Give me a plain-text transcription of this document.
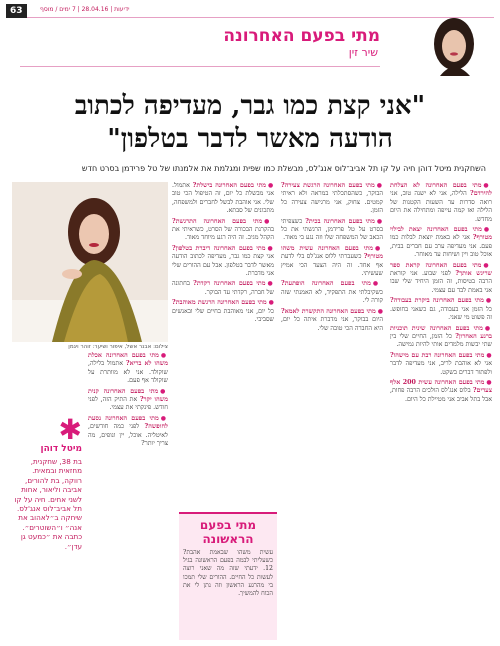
63	ידיעות | 28.04.16 | 7 ימים / מוסף
מתי בפעם האחרונה
שיר זין
"אני קצת כמו גבר, מעדיפה לכתוב
הודעה מאשר לדבר בטלפון"
השחקנית מיטל דוהן חיה על קו תל אביב־לוס אנג'לס, מבשלת כמו שפית ומגלמת את אלמנתו של טל פרידמן בסרט חדש

● מתי בפעם האחרונה לא הצלחת להירדם? הלילה, אני לא ישנה טוב, אני רואה סדרות עד השעות הקטנות של הלילה ואז קמה עייפה ומתחילה את היום מחדש.

● מתי בפעם האחרונה יצאת לבילוי מטורף? אני לא באמת יוצאת לבלות כמו פעם. אני מעדיפה ערב עם חברים בבית, אוכל טוב ויין ושיחות עד מאוחר.

● מתי בפעם האחרונה קראת ספר שריגש אותך? לפני שבוע. אני קוראת הרבה בטיסות, זה הזמן היחיד שלי שבו אני באמת לבד עם עצמי.

● מתי בפעם האחרונה ביקרת בעבודה? כל הזמן אני בעבודה, גם כשאני בחופש. זה פשוט מי שאני.

● מתי בפעם האחרונה שינית תוכניות ברגע האחרון? כל הזמן, החיים שלי בין שתי יבשות מלמדים אותי להיות גמישה.

● מתי בפעם האחרונה רבת עם מישהו? אני לא אוהבת לריב, אני מעדיפה לדבר ולפתור דברים בשקט.

● מתי בפעם האחרונה עשית 200 אלף צעדים? בלוס אנג'לס הולכים הרבה פחות, אבל בתל אביב אני מטיילת כל היום.

● מתי בפעם האחרונה הרגשת צעירה? הבוקר, כשהסתכלתי במראה ולא ראיתי קמטים. צחוק, אני מרגישה צעירה כל הזמן.

● מתי בפעם האחרונה בכית? כשצפיתי בסרט על טל פרידמן, הרגשתי את כל הכאב של המשפחה שלו וזה נגע בי מאוד.

● מתי בפעם האחרונה עשית משהו מטורף? כשעברתי ללוס אנג'לס בלי לדעת אף אחד. זה היה הצעד הכי אמיץ שעשיתי.

● מתי בפעם האחרונה הופתעת? כשקיבלתי את התפקיד, לא האמנתי שזה קורה לי.

● מתי בפעם האחרונה התקשרת לאמא? היום בבוקר, אני מדברת איתה כל יום, היא החברה הכי טובה שלי.

● מתי בפעם האחרונה בישלת? אתמול. אני מבשלת כל יום, זה הטיפול הכי טוב שלי. אני אוהבת לבשל לחברים ולמשפחה, מתכונים של סבתא.

● מתי בפעם האחרונה התרגשת? בהקרנת הבכורה של הסרט, כשראיתי את הקהל מגיב. זה היה רגע מיוחד מאוד.

● מתי בפעם האחרונה דיברת בטלפון? אני קצת כמו גבר, מעדיפה לכתוב הודעה מאשר לדבר בטלפון. אבל עם ההורים שלי אני מדברת.

● מתי בפעם האחרונה רקדת? בחתונה של חברה, רקדתי עד הבוקר.

● מתי בפעם האחרונה הרגשת מאוהבת? כל יום, אני מאוהבת בחיים שלי ובאנשים שסביבי.

מתי בפעם הראשונה
עשית משהו שבאמת אהבת? כשעליתי לבמה בפעם הראשונה בגיל 12. ידעתי שזה מה שאני רוצה לעשות כל החיים. ההורים שלי תמכו בי מהרגע הראשון וזה נתן לי את הכוח להמשיך.
צילום: אבנר אשל, איפור ושיער: זוהר ויגמן

● מתי בפעם האחרונה אכלת משהו לא בריא? אתמול בלילה, שוקולד. אני לא מוותרת על שוקולד אף פעם.

● מתי בפעם האחרונה קנית משהו יקר? את התיק הזה, לפני חודש. פינקתי את עצמי.

● מתי בפעם האחרונה נסעת לחופשה? לפני כמה חודשים, לאיטליה. אוכל, יין ונופים, מה צריך יותר?

✱
מיטל דוהן
בת 38, שחקנית, מחזאית ובמאית. רווקה, בת להורים, אביבה וליאור, אחות לשני אחים. חיה על קו תל אביב־לוס אנג'לס. שיחקה ב״לאהוב את אנה״ ו״השוטרים״. כתבה את ״כמעט גן עדן״.
